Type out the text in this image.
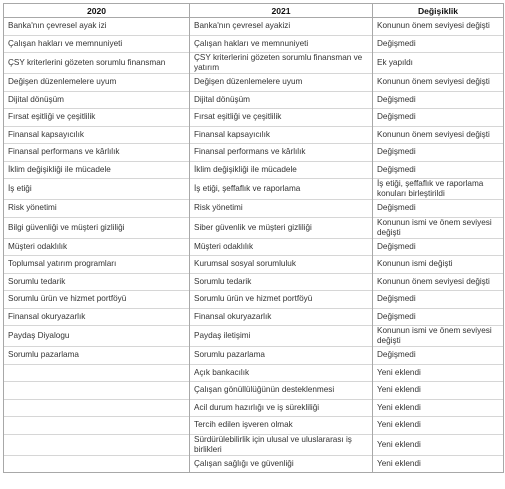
2020	2021	Değişiklik
Banka'nın çevresel ayak izi	Banka'nın çevresel ayakizi	Konunun önem seviyesi değişti
Çalışan hakları ve memnuniyeti	Çalışan hakları ve memnuniyeti	Değişmedi
ÇSY kriterlerini gözeten sorumlu finansman	ÇSY kriterlerini gözeten sorumlu finansman ve yatırım	Ek yapıldı
Değişen düzenlemelere uyum	Değişen düzenlemelere uyum	Konunun önem seviyesi değişti
Dijital dönüşüm	Dijital dönüşüm	Değişmedi
Fırsat eşitliği ve çeşitlilik	Fırsat eşitliği ve çeşitlilik	Değişmedi
Finansal kapsayıcılık	Finansal kapsayıcılık	Konunun önem seviyesi değişti
Finansal performans ve kârlılık	Finansal performans ve kârlılık	Değişmedi
İklim değişikliği ile mücadele	İklim değişikliği ile mücadele	Değişmedi
İş etiği	İş etiği, şeffaflık ve raporlama	İş etiği, şeffaflık ve raporlama konuları birleştirildi
Risk yönetimi	Risk yönetimi	Değişmedi
Bilgi güvenliği ve müşteri gizliliği	Siber güvenlik ve müşteri gizliliği	Konunun ismi ve önem seviyesi değişti
Müşteri odaklılık	Müşteri odaklılık	Değişmedi
Toplumsal yatırım programları	Kurumsal sosyal sorumluluk	Konunun ismi değişti
Sorumlu tedarik	Sorumlu tedarik	Konunun önem seviyesi değişti
Sorumlu ürün ve hizmet portföyü	Sorumlu ürün ve hizmet portföyü	Değişmedi
Finansal okuryazarlık	Finansal okuryazarlık	Değişmedi
Paydaş Diyalogu	Paydaş iletişimi	Konunun ismi ve önem seviyesi değişti
Sorumlu pazarlama	Sorumlu pazarlama	Değişmedi
	Açık bankacılık	Yeni eklendi
	Çalışan gönüllülüğünün desteklenmesi	Yeni eklendi
	Acil durum hazırlığı ve iş sürekliliği	Yeni eklendi
	Tercih edilen işveren olmak	Yeni eklendi
	Sürdürülebilirlik için ulusal ve uluslararası iş birlikleri	Yeni eklendi
	Çalışan sağlığı ve güvenliği	Yeni eklendi
